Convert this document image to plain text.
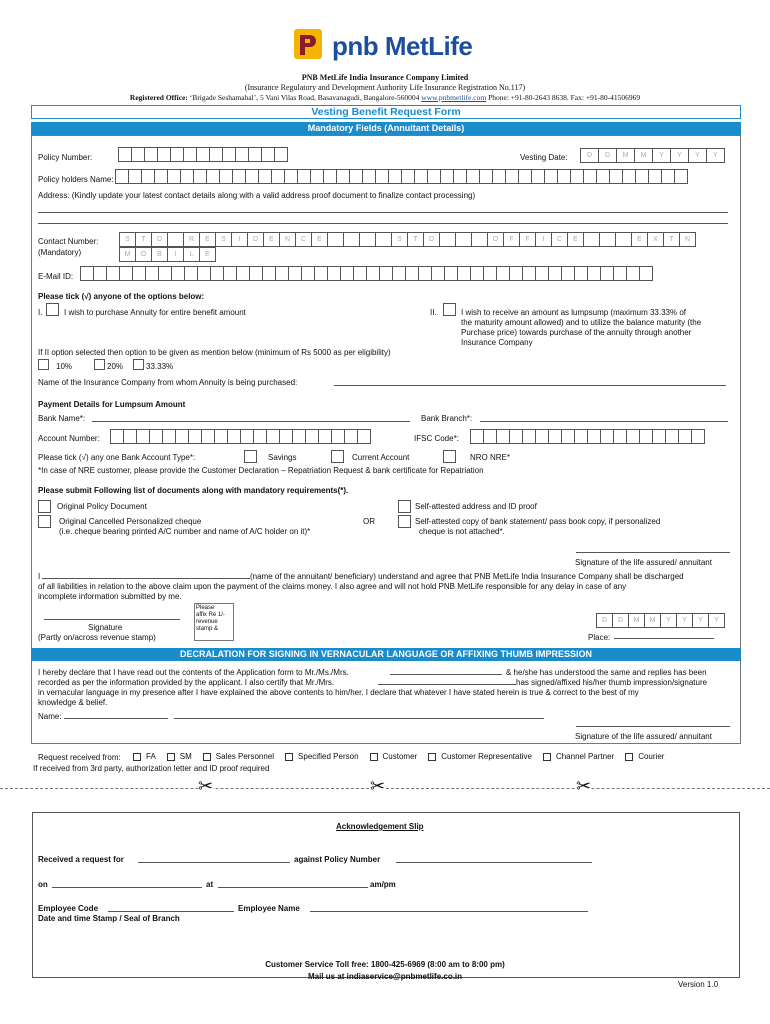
pnb MetLife
PNB MetLife India Insurance Company Limited
(Insurance Regulatory and Development Authority Life Insurance Registration No.117)
Registered Office: ‘Brigade Seshamahal’, 5 Vani Vilas Road, Basavanagudi, Bangalore-560004 www.pnbmetlife.com Phone: +91-80-2643 8638. Fax: +91-80-41506969
Vesting Benefit Request Form
Mandatory Fields (Annuitant Details)
Policy Number:	Vesting Date:	D	D	M	M	Y	Y	Y	Y
Policy holders Name:
Address: (Kindly update your latest contact details along with a valid address proof document to finalize contact processing)
Contact Number:
(Mandatory)
S	T	D	R	E	S	I	D	E	N	C	E	S	T	D	O	F	F	I	C	E	E	X	T	N
M	O	B	I	L	E
E-Mail ID:
Please tick (√) anyone of the options below:
I.	I wish to purchase Annuity for entire benefit amount	II.	I wish to receive an amount as lumpsump (maximum 33.33% of
the maturity amount allowed) and to utilize the balance maturity (the
Purchase price) towards purchase of the annuity through another
Insurance Company
If II option selected then option to be given as mention below (minimum of Rs 5000 as per eligibility)
10%	20%	33.33%
Name of the Insurance Company from whom Annuity is being purchased:
Payment Details for Lumpsum Amount
Bank Name*:	Bank Branch*:
Account Number:	IFSC Code*:
Please tick (√) any one Bank Account Type*:	Savings	Current Account	NRO NRE*
*In case of NRE customer, please provide the Customer Declaration – Repatriation Request & bank certificate for Repatriation
Please submit Following list of documents along with mandatory requirements(*).
Original Policy Document
Original Cancelled Personalized cheque
(i.e. cheque bearing printed A/C number and name of A/C holder on it)*
OR
Self-attested address and ID proof
Self-attested copy of bank statement/ pass book copy, if personalized
cheque is not attached*.
Signature of the life assured/ annuitant
I	(name of the annuitant/ beneficiary) understand and agree that PNB MetLife India Insurance Company shall be discharged
of all liabilities in relation to the above claim upon the payment of the claims money. I also agree and will not hold PNB MetLife responsible for any delay in case of any
incomplete information submitted by me.
Please
affix Re 1/-
revenue
stamp &
Signature
(Partly on/across revenue stamp)
D	D	M	M	Y	Y	Y	Y
Place:
DECRALATION FOR SIGNING IN VERNACULAR LANGUAGE OR AFFIXING THUMB IMPRESSION
I hereby declare that I have read out the contents of the Application form to Mr./Ms./Mrs.	& he/she has understood the same and replies has been
recorded as per the information provided by the applicant. I also certify that Mr./Mrs.	has signed/affixed his/her thumb impression/signature
in vernacular language in my presence after I have explained the above contents to him/her. I declare that whatever I have stated herein is true & correct to the best of my
knowledge & belief.
Name:
Signature of the life assured/ annuitant
Request received from:	FA	SM	Sales Personnel	Specified Person	Customer	Customer Representative	Channel Partner	Courier
If received from 3rd party, authorization letter and ID proof required
✂	✂	✂
Acknowledgement Slip
Received a request for	against Policy Number
on	at	am/pm
Employee Code	Employee Name
Date and time Stamp / Seal of Branch
Customer Service Toll free: 1800-425-6969 (8:00 am to 8:00 pm)
Mail us at indiaservice@pnbmetlife.co.in
Version 1.0
